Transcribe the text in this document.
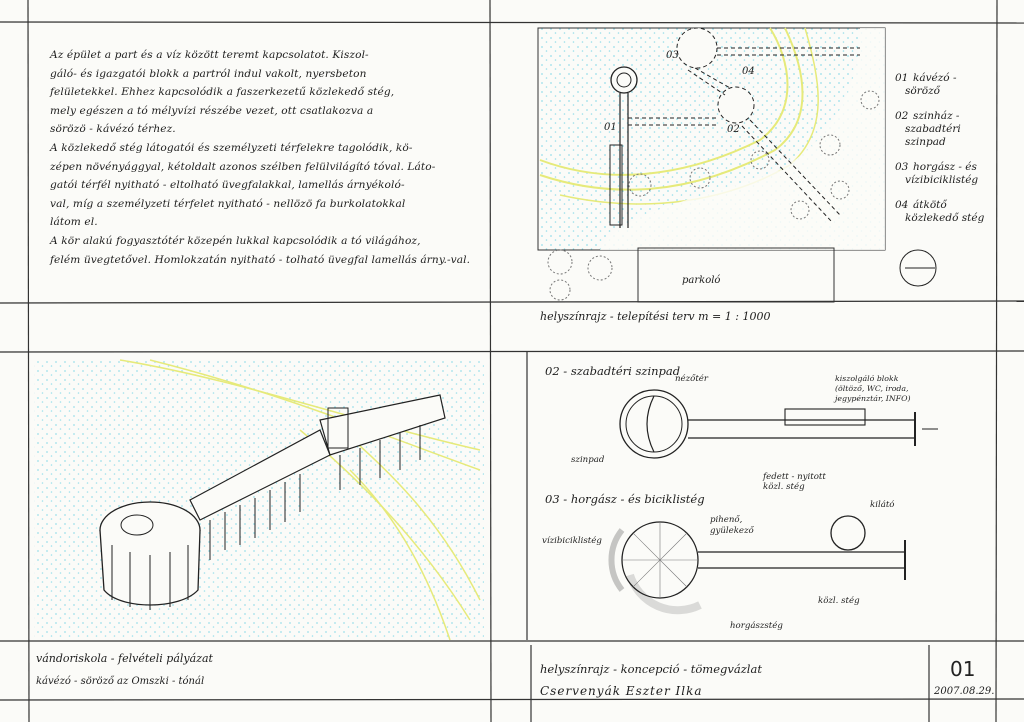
Az épület a part és a víz között teremt kapcsolatot. Kiszol-

gáló- és igazgatói blokk a partról indul vakolt, nyersbeton

felületekkel. Ehhez kapcsolódik a faszerkezetű közlekedő stég,

mely egészen a tó mélyvízi részébe vezet, ott csatlakozva a

sörözö - kávézó térhez.

A közlekedő stég látogatói és személyzeti térfelekre tagolódik, kö-

zépen növényággyal, kétoldalt azonos szélben felülvilágító tóval. Láto-

gatói térfél nyitható - eltolható üvegfalakkal, lamellás árnyékoló-

val, míg a személyzeti térfelet nyitható - nellözö fa burkolatokkal

látom el.

A kör alakú fogyasztótér közepén lukkal kapcsolódik a tó világához,

felém üvegtetővel. Homlokzatán nyitható - tolható üvegfal lamellás árny.-val.

01	02
03
04
parkoló
helyszínrajz - telepítési terv m = 1 : 1000
01 kávézó -
söröző
02 szinház -
szabadtéri
szinpad
03 horgász - és
vízibiciklistég
04 átkötő
közlekedő stég
02 - szabadtéri szinpad
nézőtér
szinpad
kiszolgáló blokk
(öltöző, WC, iroda,
jegypénztár, INFO)
fedett - nyitott
közl. stég
03 - horgász - és biciklistég
vízibiciklistég
pihenő,
gyülekező
kilátó
közl. stég
horgászstég
vándoriskola - felvételi pályázat
kávézó - söröző az Omszki - tónál
helyszínrajz - koncepció - tömegvázlat
Cservenyák Eszter Ilka
01
2007.08.29.
